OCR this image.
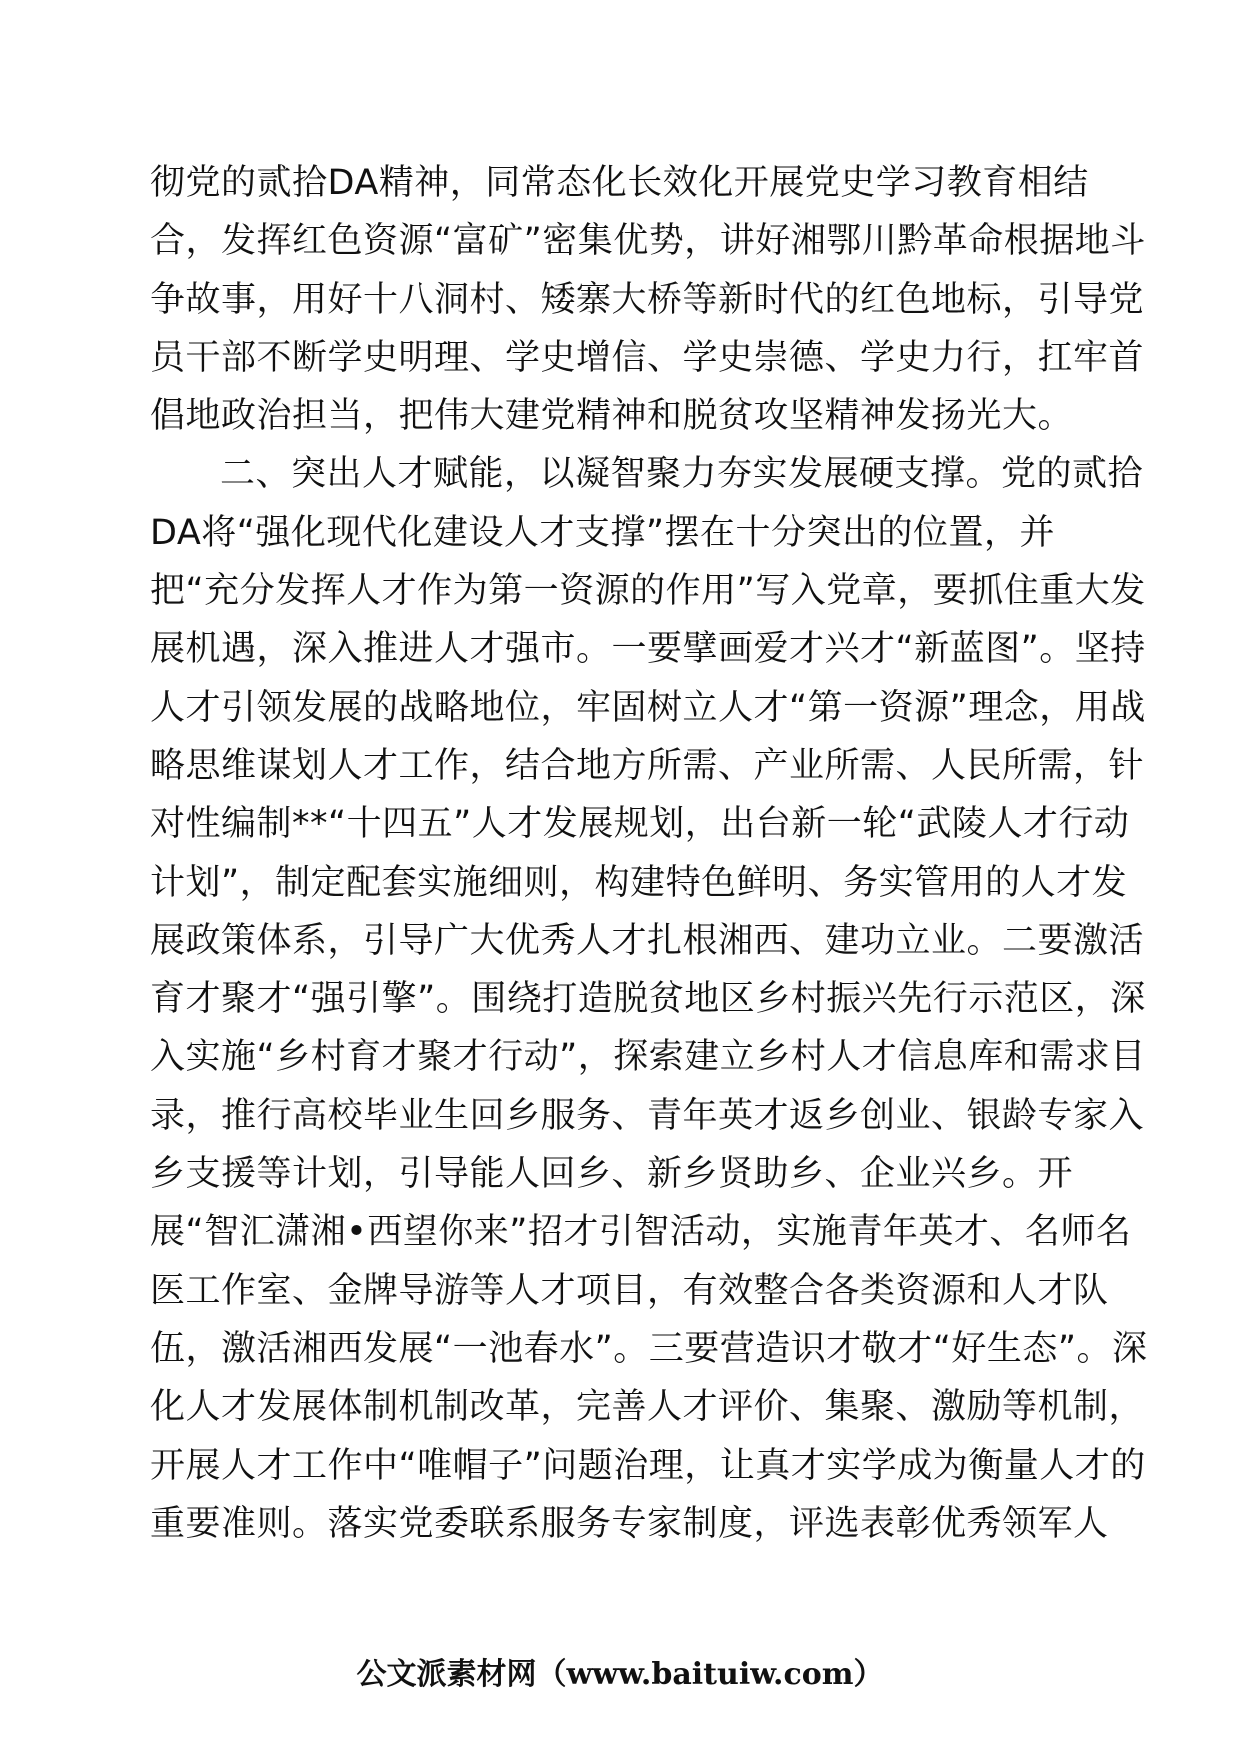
彻党的贰拾DA精神，同常态化长效化开展党史学习教育相结
合，发挥红色资源“富矿”密集优势，讲好湘鄂川黔革命根据地斗
争故事，用好十八洞村、矮寨大桥等新时代的红色地标，引导党
员干部不断学史明理、学史增信、学史崇德、学史力行，扛牢首
倡地政治担当，把伟大建党精神和脱贫攻坚精神发扬光大。
二、突出人才赋能，以凝智聚力夯实发展硬支撑。党的贰拾
DA将“强化现代化建设人才支撑”摆在十分突出的位置，并
把“充分发挥人才作为第一资源的作用”写入党章，要抓住重大发
展机遇，深入推进人才强市。一要擘画爱才兴才“新蓝图”。坚持
人才引领发展的战略地位，牢固树立人才“第一资源”理念，用战
略思维谋划人才工作，结合地方所需、产业所需、人民所需，针
对性编制**“十四五”人才发展规划，出台新一轮“武陵人才行动
计划”，制定配套实施细则，构建特色鲜明、务实管用的人才发
展政策体系，引导广大优秀人才扎根湘西、建功立业。二要激活
育才聚才“强引擎”。围绕打造脱贫地区乡村振兴先行示范区，深
入实施“乡村育才聚才行动”，探索建立乡村人才信息库和需求目
录，推行高校毕业生回乡服务、青年英才返乡创业、银龄专家入
乡支援等计划，引导能人回乡、新乡贤助乡、企业兴乡。开
展“智汇潇湘•西望你来”招才引智活动，实施青年英才、名师名
医工作室、金牌导游等人才项目，有效整合各类资源和人才队
伍，激活湘西发展“一池春水”。三要营造识才敬才“好生态”。深
化人才发展体制机制改革，完善人才评价、集聚、激励等机制，
开展人才工作中“唯帽子”问题治理，让真才实学成为衡量人才的
重要准则。落实党委联系服务专家制度，评选表彰优秀领军人
公文派素材网（www.baituiw.com）
